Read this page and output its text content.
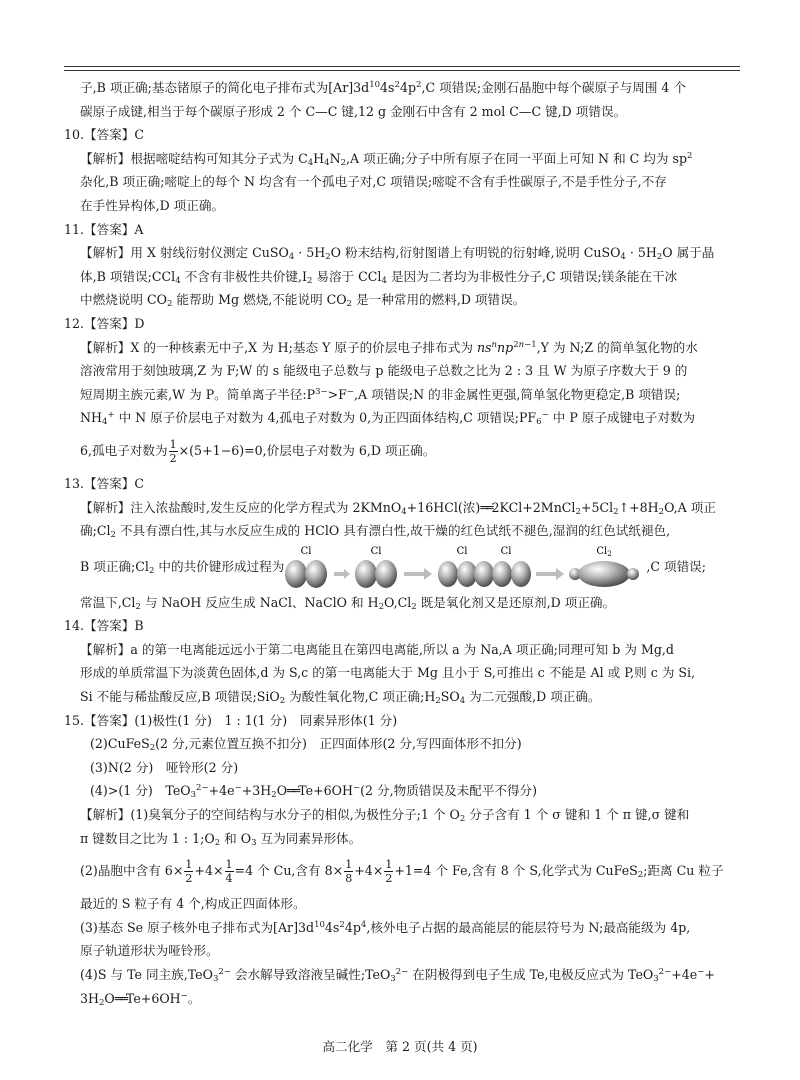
子,B 项正确;基态锗原子的简化电子排布式为$[Ar]3d^{10}4s^24p^2,C$ 项错误;金刚石晶胞中每个碳原子与周围 4 个
碳原子成键,相当于每个碳原子形成 2 个 C—C 键,12 g 金刚石中含有 2 mol C—C 键,D 项错误。
10.【答案】C
【解析】根据嘧啶结构可知其分子式为 $C_4H_4N_2,A$ 项正确;分子中所有原子在同一平面上可知 N 和 C 均为 $sp^2$
杂化,B 项正确;嘧啶上的每个 N 均含有一个孤电子对,C 项错误;嘧啶不含有手性碳原子,不是手性分子,不存
在手性异构体,D 项正确。
11.【答案】A
【解析】用 X 射线衍射仪测定 CuSO$_4$ · $5H_2O$ 粉末结构,衍射图谱上有明锐的衍射峰,说明 CuSO$_4$ · $5H_2O$ 属于晶
体,B 项错误;CCl$_4$ 不含有非极性共价键$,I_2$ 易溶于 CCl$_4$ 是因为二者均为非极性分子,C 项错误;镁条能在干冰
中燃烧说明 $CO_2$ 能帮助 Mg 燃烧,不能说明 $CO_2$ 是一种常用的燃料,D 项错误。
12.【答案】D
【解析】X 的一种核素无中子,X 为 H;基态 Y 原子的价层电子排布式为 $ns^nnp^{2n-1},Y$ 为 N;Z 的简单氢化物的水
溶液常用于刻蚀玻璃,Z 为 F;W 的 s 能级电子总数与 p 能级电子总数之比为 2 : 3 且 W 为原子序数大于 9 的
短周期主族元素,W 为 P。简单离子半径$:P^{3-}>F^-,A$ 项错误;N 的非金属性更强,简单氢化物更稳定,B 项错误;
$NH_4^+$ 中 N 原子价层电子对数为 4,孤电子对数为 0,为正四面体结构,C 项错误$;PF_6^-$ 中 P 原子成键电子对数为
6,孤电子对数为 $\frac{1}{2} \times(5+1-6)=0$,价层电子对数为 6,D 项正确。
13.【答案】C
【解析】注入浓盐酸时,发生反应的化学方程式为 2KMnO$_4$+16HCl(浓)$══2KCl+2MnCl_2+5Cl_2↑+8H_2O,A$ 项正
确$;Cl_2$ 不具有漂白性,其与水反应生成的 HClO 具有漂白性,故干燥的红色试纸不褪色,湿润的红色试纸褪色,
B 项正确$;Cl_2$ 中的共价键形成过程为
Cl	Cl	Cl	Cl	$Cl_2$
,C 项错误;
常温下$,Cl_2$ 与 NaOH 反应生成 NaCl、NaClO 和 $H_2O,Cl_2$ 既是氧化剂又是还原剂,D 项正确。
14.【答案】B
【解析】a 的第一电离能远远小于第二电离能且在第四电离能,所以 a 为 Na,A 项正确;同理可知 b 为 Mg,d
形成的单质常温下为淡黄色固体,d 为 S,c 的第一电离能大于 Mg 且小于 S,可推出 c 不能是 Al 或 P,则 c 为 Si,
Si 不能与稀盐酸反应,B 项错误;SiO$_2$ 为酸性氧化物,C 项正确$;H_2SO_4$ 为二元强酸,D 项正确。
15.【答案】(1)极性(1 分)　1 : 1(1 分)　同素异形体(1 分)
(2)CuFeS$_2$(2 分,元素位置互换不扣分)　正四面体形(2 分,写四面体形不扣分)
(3)N(2 分)　哑铃形(2 分)
(4)>(1 分)　$TeO_3^{2-}+4e^-+3H_2O══Te+6OH^-(2$ 分,物质错误及未配平不得分)
【解析】(1)臭氧分子的空间结构与水分子的相似,为极性分子;1 个 $O_2$ 分子含有 1 个 σ 键和 1 个 π 键,σ 键和
π 键数目之比为 1 : $1;O_2$ 和 $O_3$ 互为同素异形体。
(2)晶胞中含有 $6\times \frac{1}{2} +4\times \frac{1}{4} =4$ 个 Cu,含有 $8\times \frac{1}{8} +4\times \frac{1}{2} +1=4$ 个 Fe,含有 8 个 S,化学式为 CuFeS$_2$;距离 Cu 粒子
最近的 S 粒子有 4 个,构成正四面体形。
(3)基态 Se 原子核外电子排布式为$[Ar]3d^{10}4s^24p^4$,核外电子占据的最高能层的能层符号为 N;最高能级为 4p,
原子轨道形状为哑铃形。
(4)S 与 Te 同主族,TeO$_3^{2-}$ 会水解导致溶液呈碱性;TeO$_3^{2-}$ 在阴极得到电子生成 Te,电极反应式为 TeO$_3^{2-}$+4e−+
$3H_2O══Te+6OH^-$。
高二化学　第 2 页(共 4 页)
